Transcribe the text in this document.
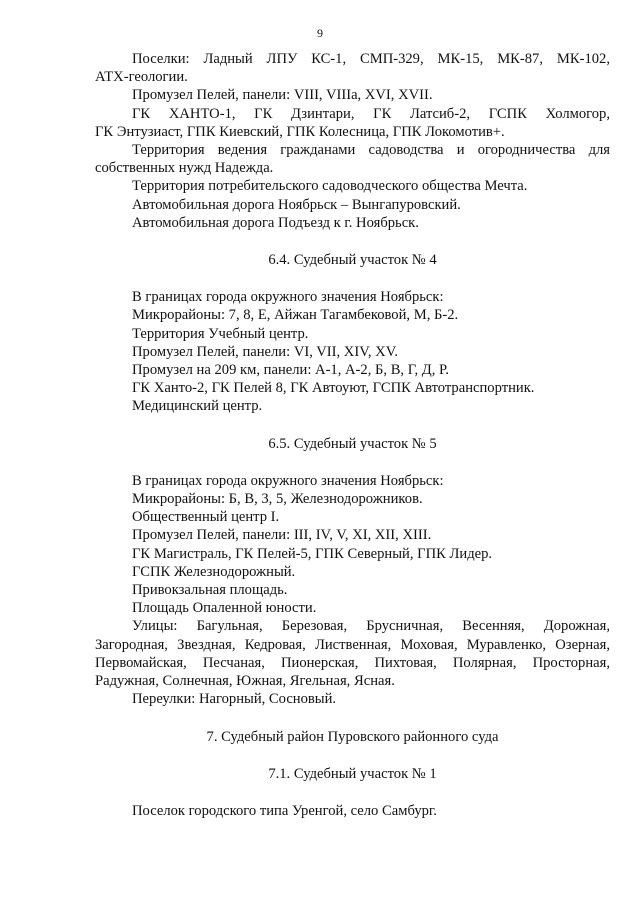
9
Поселки: Ладный ЛПУ КС-1, СМП-329, МК-15, МК-87, МК-102,
АТХ-геологии.
Промузел Пелей, панели: VIII, VIIIa, XVI, XVII.
ГК ХАНТО-1, ГК Дзинтари, ГК Латсиб-2, ГСПК Холмогор,
ГК Энтузиаст, ГПК Киевский, ГПК Колесница, ГПК Локомотив+.
Территория ведения гражданами садоводства и огородничества для
собственных нужд Надежда.
Территория потребительского садоводческого общества Мечта.
Автомобильная дорога Ноябрьск – Вынгапуровский.
Автомобильная дорога Подъезд к г. Ноябрьск.
6.4. Судебный участок № 4
В границах города окружного значения Ноябрьск:
Микрорайоны: 7, 8, Е, Айжан Тагамбековой, М, Б-2.
Территория Учебный центр.
Промузел Пелей, панели: VI, VII, XIV, XV.
Промузел на 209 км, панели: А-1, А-2, Б, В, Г, Д, Р.
ГК Ханто-2, ГК Пелей 8, ГК Автоуют, ГСПК Автотранспортник.
Медицинский центр.
6.5. Судебный участок № 5
В границах города окружного значения Ноябрьск:
Микрорайоны: Б, В, 3, 5, Железнодорожников.
Общественный центр I.
Промузел Пелей, панели: III, IV, V, XI, XII, XIII.
ГК Магистраль, ГК Пелей-5, ГПК Северный, ГПК Лидер.
ГСПК Железнодорожный.
Привокзальная площадь.
Площадь Опаленной юности.
Улицы: Багульная, Березовая, Брусничная, Весенняя, Дорожная,
Загородная, Звездная, Кедровая, Лиственная, Моховая, Муравленко, Озерная,
Первомайская, Песчаная, Пионерская, Пихтовая, Полярная, Просторная,
Радужная, Солнечная, Южная, Ягельная, Ясная.
Переулки: Нагорный, Сосновый.
7. Судебный район Пуровского районного суда
7.1. Судебный участок № 1
Поселок городского типа Уренгой, село Самбург.
